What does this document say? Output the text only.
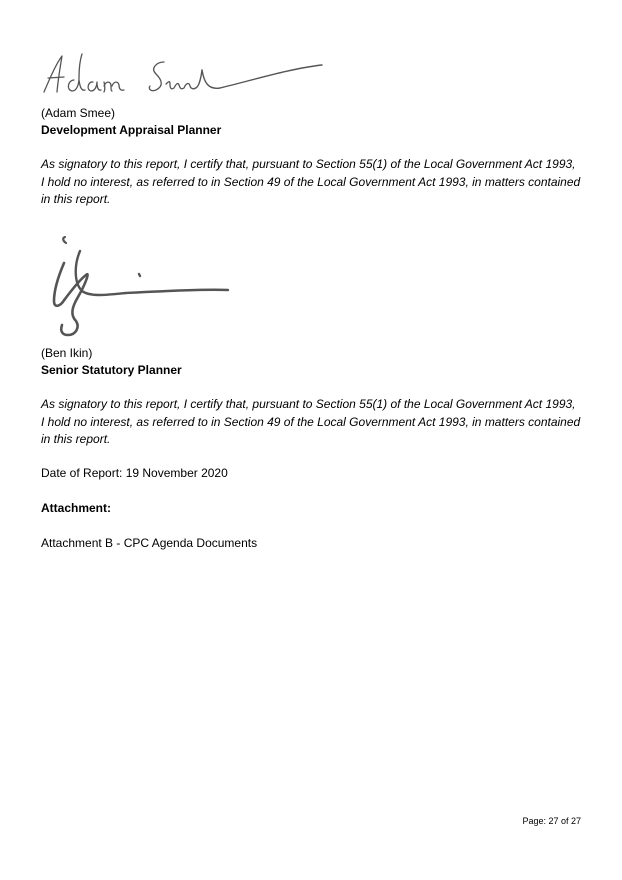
(Adam Smee)
Development Appraisal Planner

As signatory to this report, I certify that, pursuant to Section 55(1) of the Local Government Act 1993, I hold no interest, as referred to in Section 49 of the Local Government Act 1993, in matters contained in this report.

(Ben Ikin)
Senior Statutory Planner

As signatory to this report, I certify that, pursuant to Section 55(1) of the Local Government Act 1993, I hold no interest, as referred to in Section 49 of the Local Government Act 1993, in matters contained in this report.

Date of Report: 19 November 2020
Attachment:
Attachment B - CPC Agenda Documents
Page: 27 of 27
